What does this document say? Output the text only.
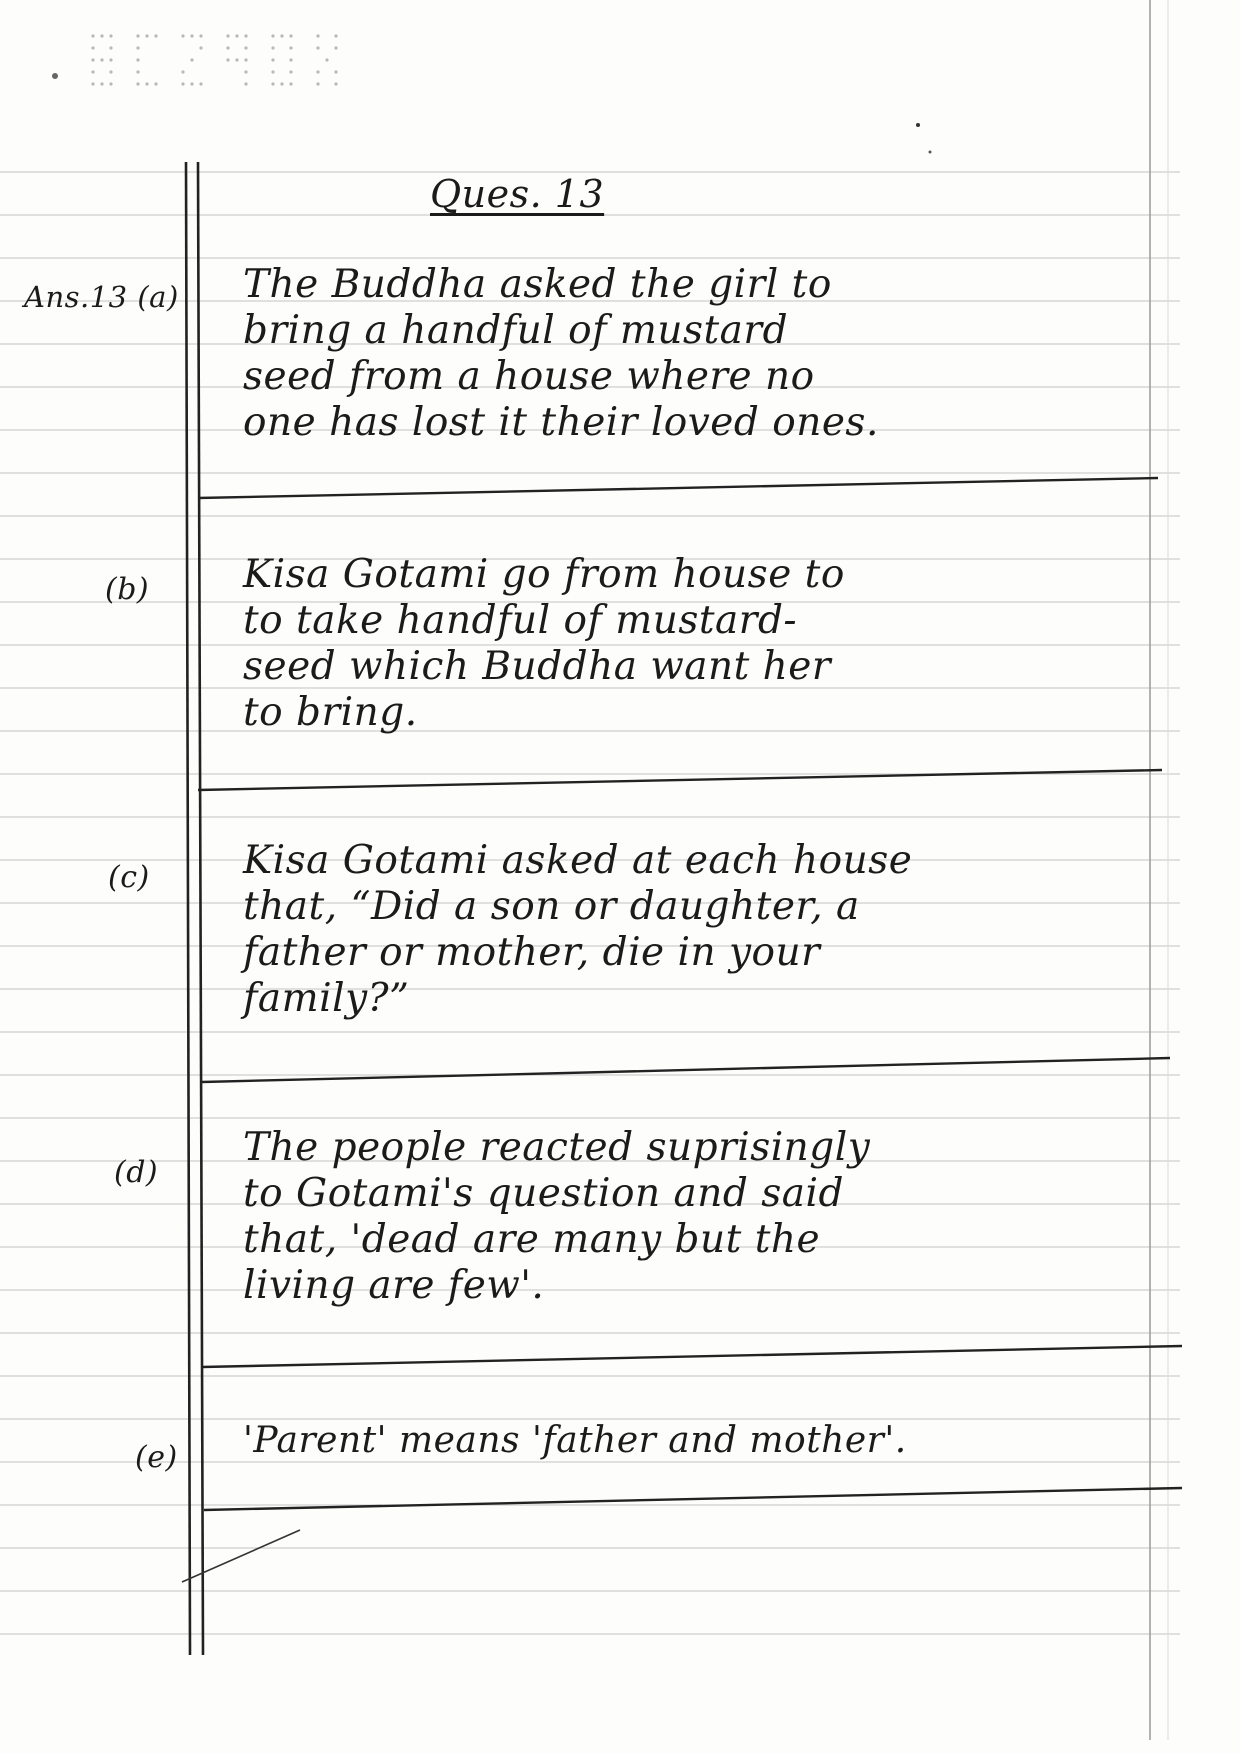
Ques. 13
Ans.13 (a) The Buddha asked the girl to
bring a handful of mustard
seed from a house where no
one has lost it their loved ones.
(b) Kisa Gotami go from house to
to take handful of mustard-
seed which Buddha want her
to bring.
(c) Kisa Gotami asked at each house
that, “Did a son or daughter, a
father or mother, die in your
family?”
(d)
The people reacted suprisingly
to Gotami's question and said
that, 'dead are many but the
living are few'.
(e) 'Parent' means 'father and mother'.
